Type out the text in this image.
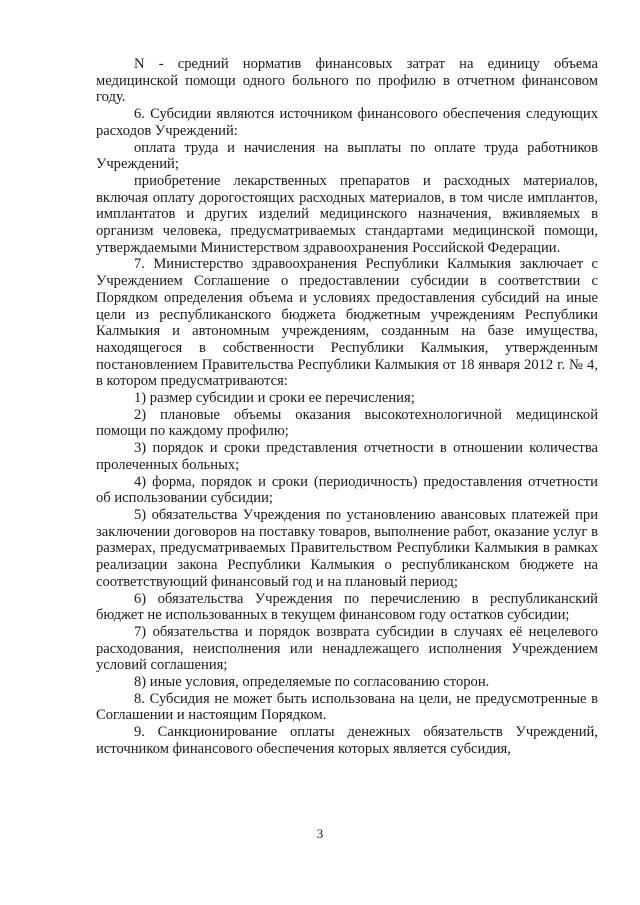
N - средний норматив финансовых затрат на единицу объема медицинской помощи одного больного по профилю в отчетном финансовом году.

6. Субсидии являются источником финансового обеспечения следующих расходов Учреждений:

оплата труда и начисления на выплаты по оплате труда работников Учреждений;

приобретение лекарственных препаратов и расходных материалов, включая оплату дорогостоящих расходных материалов, в том числе имплантов, имплантатов и других изделий медицинского назначения, вживляемых в организм человека, предусматриваемых стандартами медицинской помощи, утверждаемыми Министерством здравоохранения Российской Федерации.

7. Министерство здравоохранения Республики Калмыкия заключает с Учреждением Соглашение о предоставлении субсидии в соответствии с Порядком определения объема и условиях предоставления субсидий на иные цели из республиканского бюджета бюджетным учреждениям Республики Калмыкия и автономным учреждениям, созданным на базе имущества, находящегося в собственности Республики Калмыкия, утвержденным постановлением Правительства Республики Калмыкия от 18 января 2012 г. № 4, в котором предусматриваются:

1) размер субсидии и сроки ее перечисления;

2) плановые объемы оказания высокотехнологичной медицинской помощи по каждому профилю;

3) порядок и сроки представления отчетности в отношении количества пролеченных больных;

4) форма, порядок и сроки (периодичность) предоставления отчетности об использовании субсидии;

5) обязательства Учреждения по установлению авансовых платежей при заключении договоров на поставку товаров, выполнение работ, оказание услуг в размерах, предусматриваемых Правительством Республики Калмыкия в рамках реализации закона Республики Калмыкия о республиканском бюджете на соответствующий финансовый год и на плановый период;

6) обязательства Учреждения по перечислению в республиканский бюджет не использованных в текущем финансовом году остатков субсидии;

7) обязательства и порядок возврата субсидии в случаях её нецелевого расходования, неисполнения или ненадлежащего исполнения Учреждением условий соглашения;

8) иные условия, определяемые по согласованию сторон.

8. Субсидия не может быть использована на цели, не предусмотренные в Соглашении и настоящим Порядком.

9. Санкционирование оплаты денежных обязательств Учреждений, источником финансового обеспечения которых является субсидия,

3
